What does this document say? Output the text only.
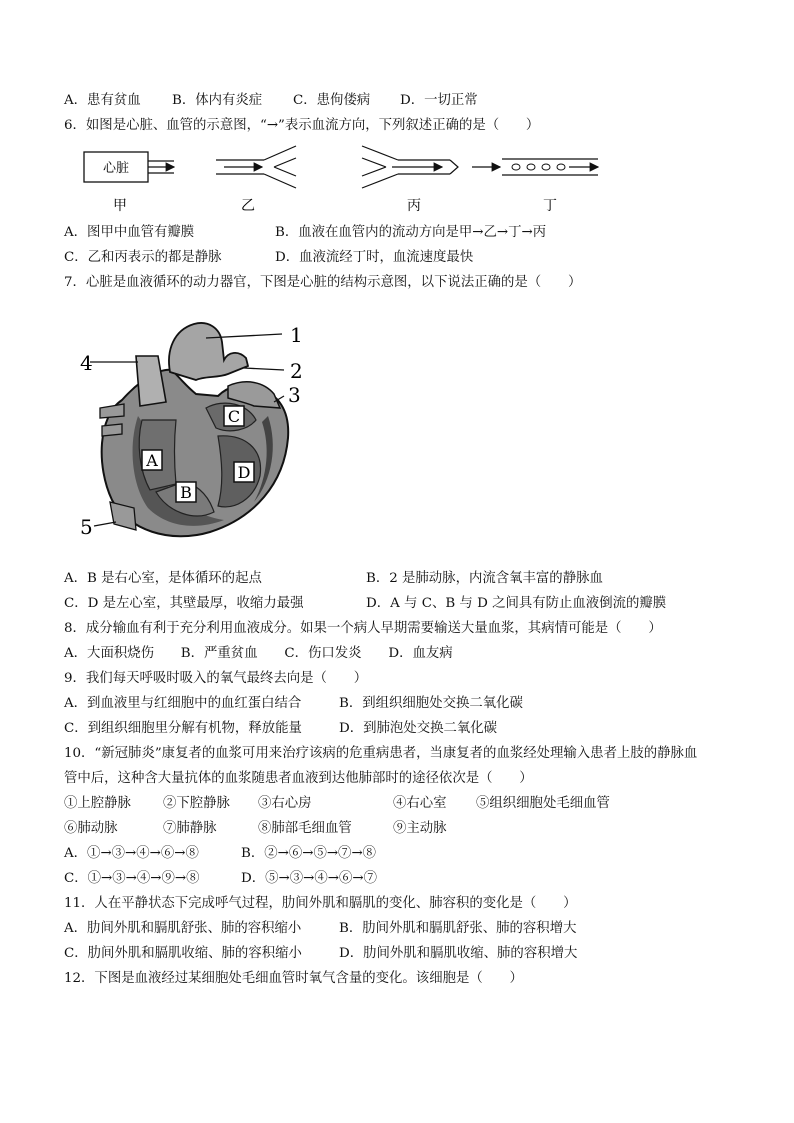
A．患有贫血 B．体内有炎症 C．患佝偻病 D．一切正常
6．如图是心脏、血管的示意图，“→”表示血流方向，下列叙述正确的是（　　）
心脏
甲	乙	丙	丁
A．图甲中血管有瓣膜	B．血液在血管内的流动方向是甲→乙→丁→丙
C．乙和丙表示的都是静脉	D．血液流经丁时，血流速度最快
7．心脏是血液循环的动力器官，下图是心脏的结构示意图，以下说法正确的是（　　）
A
B
C
D
1
2
3
4
5
A．B 是右心室，是体循环的起点	B．2 是肺动脉，内流含氧丰富的静脉血
C．D 是左心室，其壁最厚，收缩力最强	D．A 与 C、B 与 D 之间具有防止血液倒流的瓣膜
8．成分输血有利于充分利用血液成分。如果一个病人早期需要输送大量血浆，其病情可能是（　　）
A．大面积烧伤　　B．严重贫血　　C．伤口发炎　　D．血友病
9．我们每天呼吸时吸入的氧气最终去向是（　　）
A．到血液里与红细胞中的血红蛋白结合	B．到组织细胞处交换二氧化碳
C．到组织细胞里分解有机物，释放能量	D．到肺泡处交换二氧化碳
10．“新冠肺炎”康复者的血浆可用来治疗该病的危重病患者，当康复者的血浆经处理输入患者上肢的静脉血
管中后，这种含大量抗体的血浆随患者血液到达他肺部时的途径依次是（　　）
①上腔静脉 ②下腔静脉 ③右心房	④右心室 ⑤组织细胞处毛细血管
⑥肺动脉	⑦肺静脉	⑧肺部毛细血管	⑨主动脉
A．①→③→④→⑥→⑧	B．②→⑥→⑤→⑦→⑧
C．①→③→④→⑨→⑧	D．⑤→③→④→⑥→⑦
11．人在平静状态下完成呼气过程，肋间外肌和膈肌的变化、肺容积的变化是（　　）
A．肋间外肌和膈肌舒张、肺的容积缩小	B．肋间外肌和膈肌舒张、肺的容积增大
C．肋间外肌和膈肌收缩、肺的容积缩小	D．肋间外肌和膈肌收缩、肺的容积增大
12．下图是血液经过某细胞处毛细血管时氧气含量的变化。该细胞是（　　）
